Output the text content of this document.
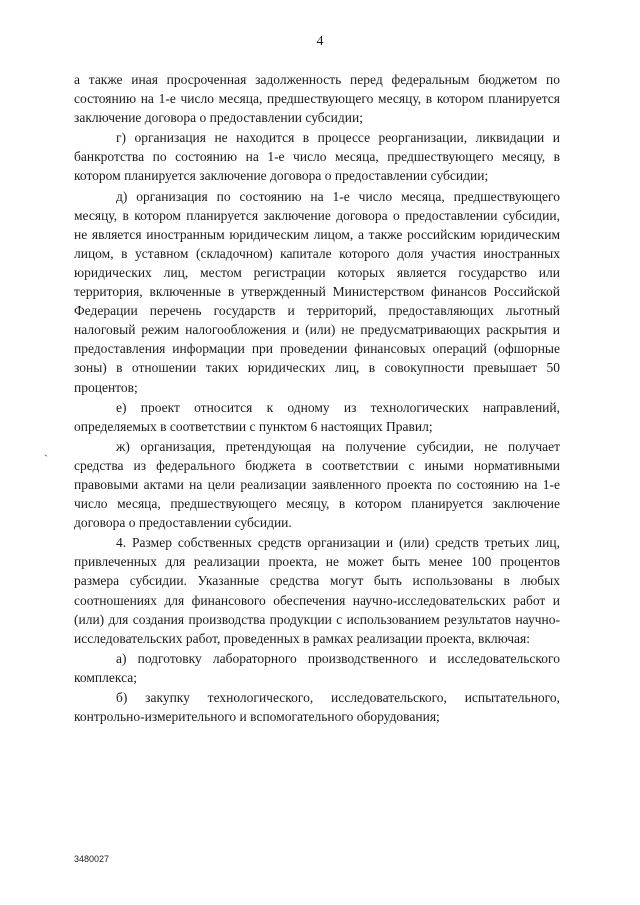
4

а также иная просроченная задолженность перед федеральным бюджетом по состоянию на 1-е число месяца, предшествующего месяцу, в котором планируется заключение договора о предоставлении субсидии;

г) организация не находится в процессе реорганизации, ликвидации и банкротства по состоянию на 1-е число месяца, предшествующего месяцу, в котором планируется заключение договора о предоставлении субсидии;

д) организация по состоянию на 1-е число месяца, предшествующего месяцу, в котором планируется заключение договора о предоставлении субсидии, не является иностранным юридическим лицом, а также российским юридическим лицом, в уставном (складочном) капитале которого доля участия иностранных юридических лиц, местом регистрации которых является государство или территория, включенные в утвержденный Министерством финансов Российской Федерации перечень государств и территорий, предоставляющих льготный налоговый режим налогообложения и (или) не предусматривающих раскрытия и предоставления информации при проведении финансовых операций (офшорные зоны) в отношении таких юридических лиц, в совокупности превышает 50 процентов;

е) проект относится к одному из технологических направлений, определяемых в соответствии с пунктом 6 настоящих Правил;

ж) организация, претендующая на получение субсидии, не получает средства из федерального бюджета в соответствии с иными нормативными правовыми актами на цели реализации заявленного проекта по состоянию на 1-е число месяца, предшествующего месяцу, в котором планируется заключение договора о предоставлении субсидии.

4. Размер собственных средств организации и (или) средств третьих лиц, привлеченных для реализации проекта, не может быть менее 100 процентов размера субсидии. Указанные средства могут быть использованы в любых соотношениях для финансового обеспечения научно-исследовательских работ и (или) для создания производства продукции с использованием результатов научно-исследовательских работ, проведенных в рамках реализации проекта, включая:

а) подготовку лабораторного производственного и исследовательского комплекса;

б) закупку технологического, исследовательского, испытательного, контрольно-измерительного и вспомогательного оборудования;

`
3480027
